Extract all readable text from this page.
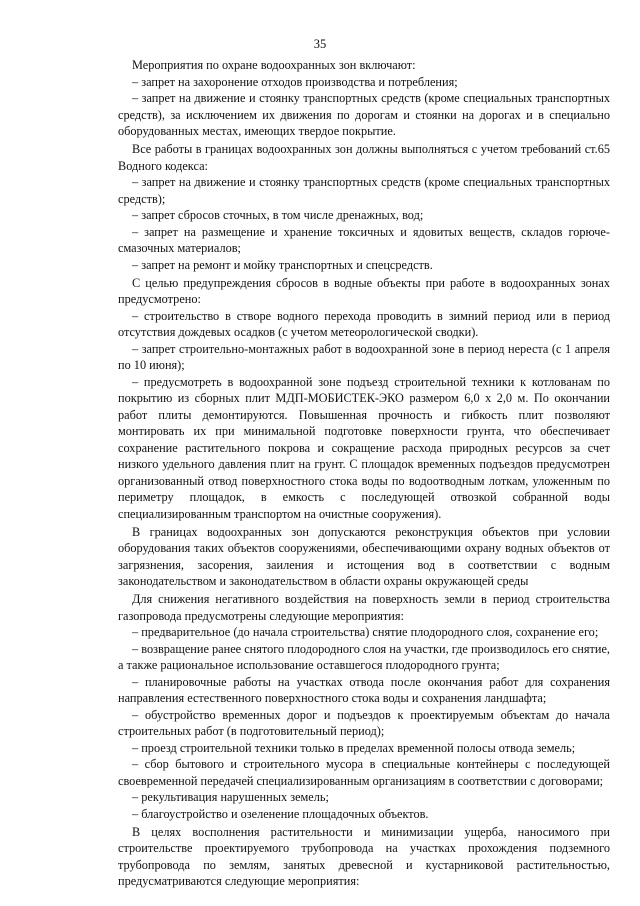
35

Мероприятия по охране водоохранных зон включают:

– запрет на захоронение отходов производства и потребления;

– запрет на движение и стоянку транспортных средств (кроме специальных транспортных средств), за исключением их движения по дорогам и стоянки на дорогах и в специально оборудованных местах, имеющих твердое покрытие.

Все работы в границах водоохранных зон должны выполняться с учетом требований ст.65 Водного кодекса:

– запрет на движение и стоянку транспортных средств (кроме специальных транспортных средств);

– запрет сбросов сточных, в том числе дренажных, вод;

– запрет на размещение и хранение токсичных и ядовитых веществ, складов горюче-смазочных материалов;

– запрет на ремонт и мойку транспортных и спецсредств.

С целью предупреждения сбросов в водные объекты при работе в водоохранных зонах предусмотрено:

– строительство в створе водного перехода проводить в зимний период или в период отсутствия дождевых осадков (с учетом метеорологической сводки).

– запрет строительно-монтажных работ в водоохранной зоне в период нереста (с 1 апреля по 10 июня);

– предусмотреть в водоохранной зоне подъезд строительной техники к котлованам по покрытию из сборных плит МДП-МОБИСТЕК-ЭКО размером 6,0 х 2,0 м. По окончании работ плиты демонтируются. Повышенная прочность и гибкость плит позволяют монтировать их при минимальной подготовке поверхности грунта, что обеспечивает сохранение растительного покрова и сокращение расхода природных ресурсов за счет низкого удельного давления плит на грунт. С площадок временных подъездов предусмотрен организованный отвод поверхностного стока воды по водоотводным лоткам, уложенным по периметру площадок, в емкость с последующей отвозкой собранной воды специализированным транспортом на очистные сооружения).

В границах водоохранных зон допускаются реконструкция объектов при условии оборудования таких объектов сооружениями, обеспечивающими охрану водных объектов от загрязнения, засорения, заиления и истощения вод в соответствии с водным законодательством и законодательством в области охраны окружающей среды

Для снижения негативного воздействия на поверхность земли в период строительства газопровода предусмотрены следующие мероприятия:

– предварительное (до начала строительства) снятие плодородного слоя, сохранение его;

– возвращение ранее снятого плодородного слоя на участки, где производилось его снятие, а также рациональное использование оставшегося плодородного грунта;

– планировочные работы на участках отвода после окончания работ для сохранения направления естественного поверхностного стока воды и сохранения ландшафта;

– обустройство временных дорог и подъездов к проектируемым объектам до начала строительных работ (в подготовительный период);

– проезд строительной техники только в пределах временной полосы отвода земель;

– сбор бытового и строительного мусора в специальные контейнеры с последующей своевременной передачей специализированным организациям в соответствии с договорами;

– рекультивация нарушенных земель;

– благоустройство и озеленение площадочных объектов.

В целях восполнения растительности и минимизации ущерба, наносимого при строительстве проектируемого трубопровода на участках прохождения подземного трубопровода по землям, занятых древесной и кустарниковой растительностью, предусматриваются следующие мероприятия:
